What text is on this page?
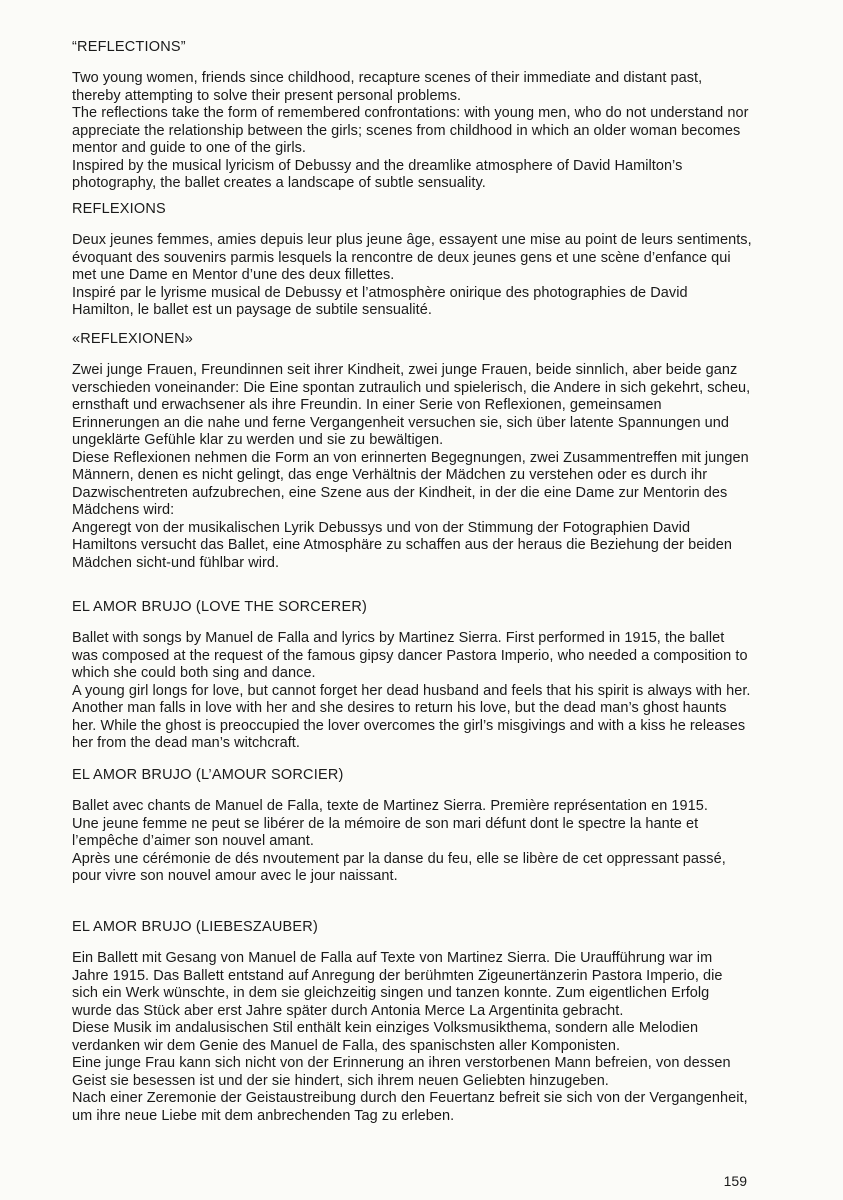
“REFLECTIONS”

Two young women, friends since childhood, recapture scenes of their immediate and distant past, thereby attempting to solve their present personal problems.

The reflections take the form of remembered confrontations: with young men, who do not understand nor appreciate the relationship between the girls; scenes from childhood in which an older woman becomes mentor and guide to one of the girls.

Inspired by the musical lyricism of Debussy and the dreamlike atmosphere of David Hamilton’s photography, the ballet creates a landscape of subtle sensuality.

REFLEXIONS

Deux jeunes femmes, amies depuis leur plus jeune âge, essayent une mise au point de leurs sentiments, évoquant des souvenirs parmis lesquels la rencontre de deux jeunes gens et une scène d’enfance qui met une Dame en Mentor d’une des deux fillettes.

Inspiré par le lyrisme musical de Debussy et l’atmosphère onirique des photographies de David Hamilton, le ballet est un paysage de subtile sensualité.

«REFLEXIONEN»

Zwei junge Frauen, Freundinnen seit ihrer Kindheit, zwei junge Frauen, beide sinnlich, aber beide ganz verschieden voneinander: Die Eine spontan zutraulich und spielerisch, die Andere in sich gekehrt, scheu, ernsthaft und erwachsener als ihre Freundin. In einer Serie von Reflexionen, gemeinsamen Erinnerungen an die nahe und ferne Vergangenheit versuchen sie, sich über latente Spannungen und ungeklärte Gefühle klar zu werden und sie zu bewältigen.

Diese Reflexionen nehmen die Form an von erinnerten Begegnungen, zwei Zusammentreffen mit jungen Männern, denen es nicht gelingt, das enge Verhältnis der Mädchen zu verstehen oder es durch ihr Dazwischentreten aufzubrechen, eine Szene aus der Kindheit, in der die eine Dame zur Mentorin des Mädchens wird:

Angeregt von der musikalischen Lyrik Debussys und von der Stimmung der Fotographien David Hamiltons versucht das Ballet, eine Atmosphäre zu schaffen aus der heraus die Beziehung der beiden Mädchen sicht-und fühlbar wird.

EL AMOR BRUJO (LOVE THE SORCERER)

Ballet with songs by Manuel de Falla and lyrics by Martinez Sierra. First performed in 1915, the ballet was composed at the request of the famous gipsy dancer Pastora Imperio, who needed a composition to which she could both sing and dance.

A young girl longs for love, but cannot forget her dead husband and feels that his spirit is always with her. Another man falls in love with her and she desires to return his love, but the dead man’s ghost haunts her. While the ghost is preoccupied the lover overcomes the girl’s misgivings and with a kiss he releases her from the dead man’s witchcraft.

EL AMOR BRUJO (L’AMOUR SORCIER)

Ballet avec chants de Manuel de Falla, texte de Martinez Sierra. Première représentation en 1915.

Une jeune femme ne peut se libérer de la mémoire de son mari défunt dont le spectre la hante et l’empêche d’aimer son nouvel amant.

Après une cérémonie de dés nvoutement par la danse du feu, elle se libère de cet oppressant passé, pour vivre son nouvel amour avec le jour naissant.

EL AMOR BRUJO (LIEBESZAUBER)

Ein Ballett mit Gesang von Manuel de Falla auf Texte von Martinez Sierra. Die Uraufführung war im Jahre 1915. Das Ballett entstand auf Anregung der berühmten Zigeunertänzerin Pastora Imperio, die sich ein Werk wünschte, in dem sie gleichzeitig singen und tanzen konnte. Zum eigentlichen Erfolg wurde das Stück aber erst Jahre später durch Antonia Merce La Argentinita gebracht.

Diese Musik im andalusischen Stil enthält kein einziges Volksmusikthema, sondern alle Melodien verdanken wir dem Genie des Manuel de Falla, des spanischsten aller Komponisten.

Eine junge Frau kann sich nicht von der Erinnerung an ihren verstorbenen Mann befreien, von dessen Geist sie besessen ist und der sie hindert, sich ihrem neuen Geliebten hinzugeben.

Nach einer Zeremonie der Geistaustreibung durch den Feuertanz befreit sie sich von der Vergangenheit, um ihre neue Liebe mit dem anbrechenden Tag zu erleben.

159
